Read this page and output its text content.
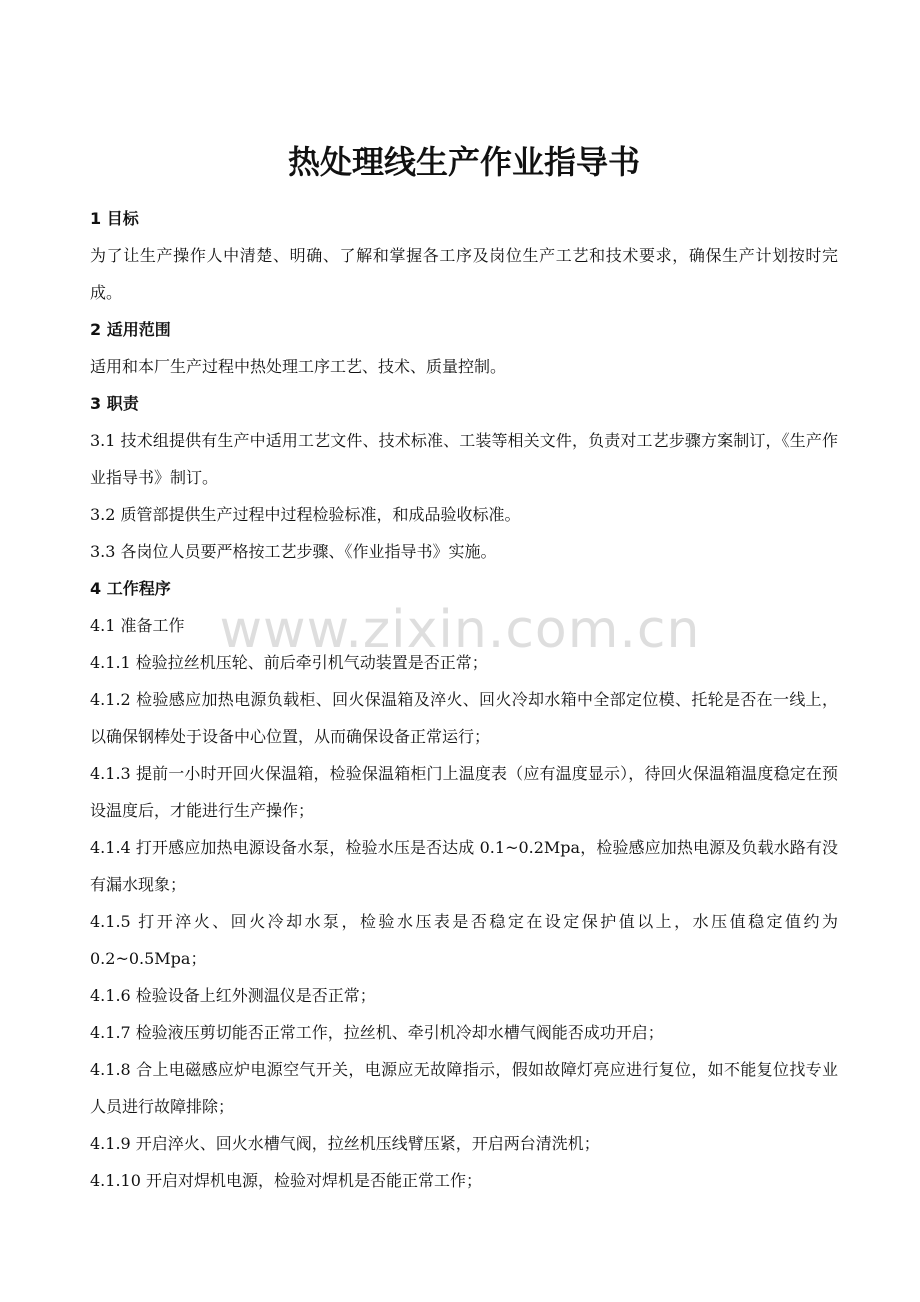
www.zixin.com.cn
热处理线生产作业指导书
1 目标

为了让生产操作人中清楚、明确、了解和掌握各工序及岗位生产工艺和技术要求，确保生产计划按时完成。

2 适用范围

适用和本厂生产过程中热处理工序工艺、技术、质量控制。

3 职责

3.1 技术组提供有生产中适用工艺文件、技术标准、工装等相关文件，负责对工艺步骤方案制订，《生产作业指导书》制订。

3.2 质管部提供生产过程中过程检验标准，和成品验收标准。

3.3 各岗位人员要严格按工艺步骤、《作业指导书》实施。

4 工作程序

4.1 准备工作

4.1.1 检验拉丝机压轮、前后牵引机气动装置是否正常；

4.1.2 检验感应加热电源负载柜、回火保温箱及淬火、回火冷却水箱中全部定位模、托轮是否在一线上，以确保钢棒处于设备中心位置，从而确保设备正常运行；

4.1.3 提前一小时开回火保温箱，检验保温箱柜门上温度表（应有温度显示），待回火保温箱温度稳定在预设温度后，才能进行生产操作；

4.1.4 打开感应加热电源设备水泵，检验水压是否达成 0.1~0.2Mpa，检验感应加热电源及负载水路有没有漏水现象；

4.1.5 打开淬火、回火冷却水泵，检验水压表是否稳定在设定保护值以上，水压值稳定值约为 0.2~0.5Mpa；

4.1.6 检验设备上红外测温仪是否正常；

4.1.7 检验液压剪切能否正常工作，拉丝机、牵引机冷却水槽气阀能否成功开启；

4.1.8 合上电磁感应炉电源空气开关，电源应无故障指示，假如故障灯亮应进行复位，如不能复位找专业人员进行故障排除；

4.1.9 开启淬火、回火水槽气阀，拉丝机压线臂压紧，开启两台清洗机；

4.1.10 开启对焊机电源，检验对焊机是否能正常工作；
